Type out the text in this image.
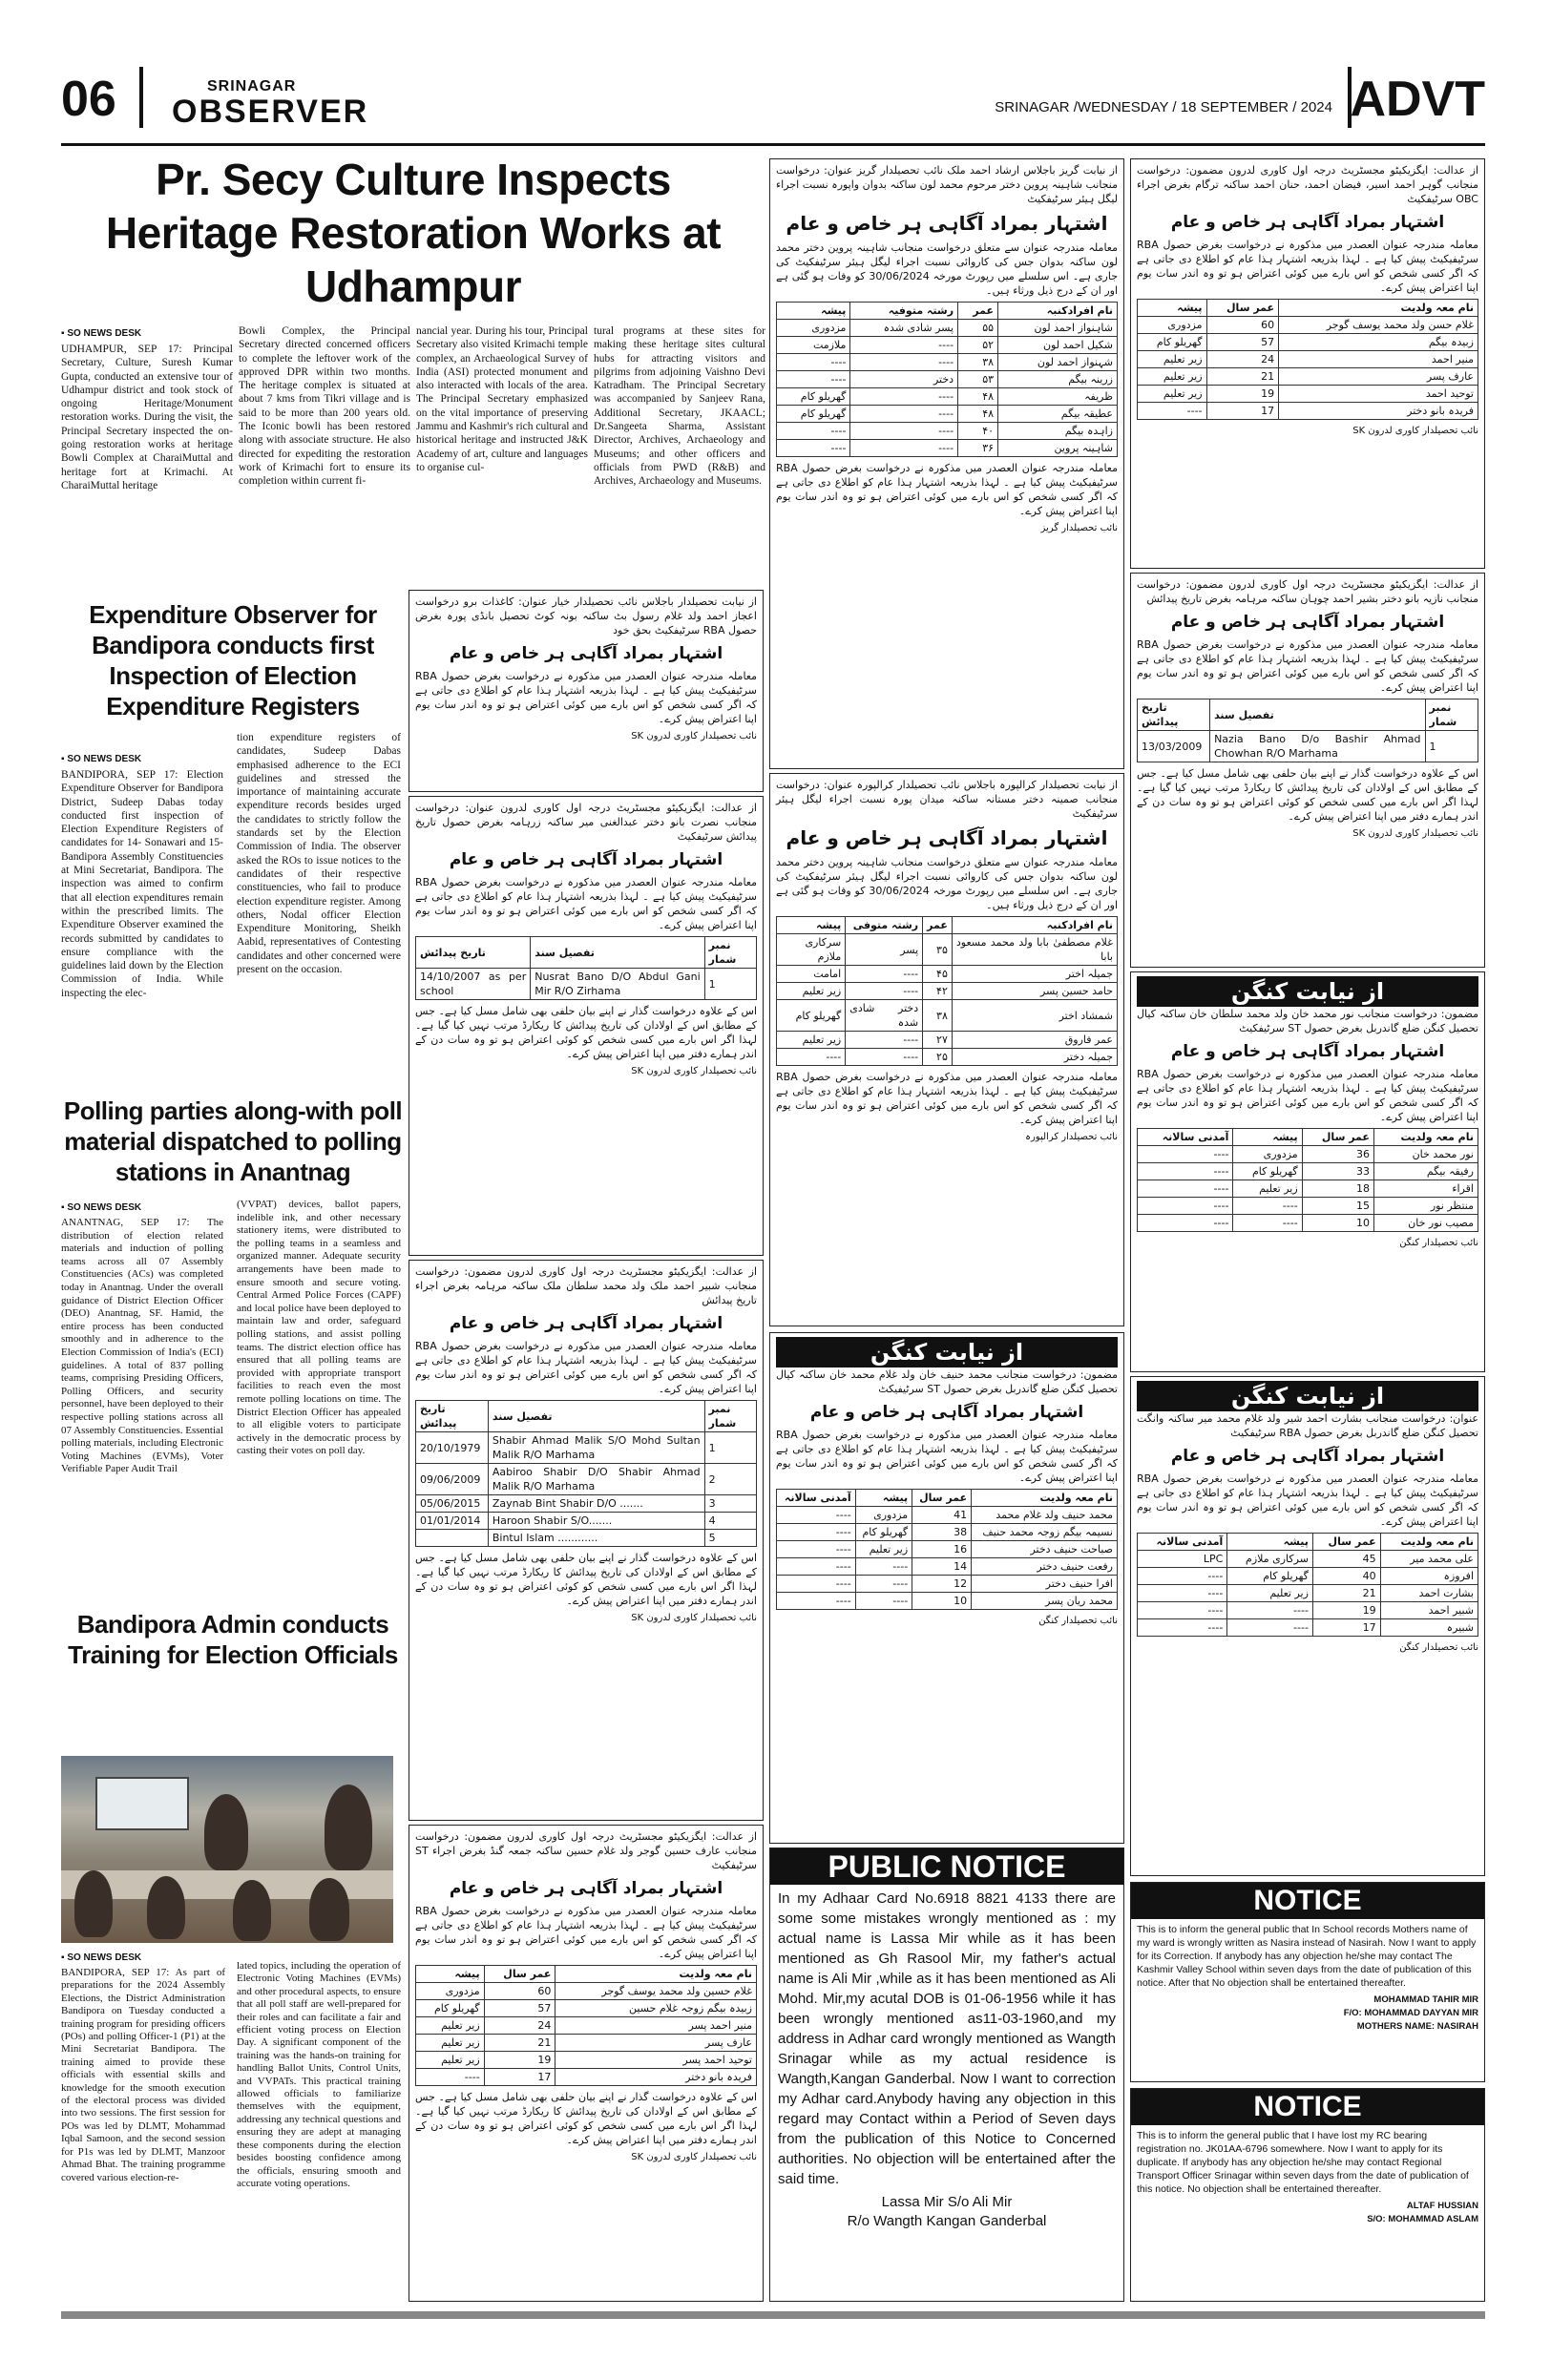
06	SRINAGAR
OBSERVER	SRINAGAR /WEDNESDAY / 18 SEPTEMBER / 2024 ADVT
Pr. Secy Culture Inspects Heritage Restoration Works at Udhampur
▪ SO NEWS DESK

UDHAMPUR, SEP 17: Principal Secretary, Culture, Suresh Kumar Gupta, conducted an extensive tour of Udhampur district and took stock of ongoing Heritage/Monument restoration works. During the visit, the Principal Secretary inspected the on-going restoration works at heritage Bowli Complex at CharaiMuttal and heritage fort at Krimachi. At CharaiMuttal heritage

Bowli Complex, the Principal Secretary directed concerned officers to complete the leftover work of the approved DPR within two months. The heritage complex is situated at about 7 kms from Tikri village and is said to be more than 200 years old. The Iconic bowli has been restored along with associate structure. He also directed for expediting the restoration work of Krimachi fort to ensure its completion within current fi-

nancial year. During his tour, Principal Secretary also visited Krimachi temple complex, an Archaeological Survey of India (ASI) protected monument and also interacted with locals of the area. The Principal Secretary emphasized on the vital importance of preserving Jammu and Kashmir's rich cultural and historical heritage and instructed J&K Academy of art, culture and languages to organise cul-

tural programs at these sites for making these heritage sites cultural hubs for attracting visitors and pilgrims from adjoining Vaishno Devi Katradham. The Principal Secretary was accompanied by Sanjeev Rana, Additional Secretary, JKAACL; Dr.Sangeeta Sharma, Assistant Director, Archives, Archaeology and Museums; and other officers and officials from PWD (R&B) and Archives, Archaeology and Museums.

Expenditure Observer for Bandipora conducts first Inspection of Election Expenditure Registers
▪ SO NEWS DESK

BANDIPORA, SEP 17: Election Expenditure Observer for Bandipora District, Sudeep Dabas today conducted first inspection of Election Expenditure Registers of candidates for 14- Sonawari and 15- Bandipora Assembly Constituencies at Mini Secretariat, Bandipora. The inspection was aimed to confirm that all election expenditures remain within the prescribed limits. The Expenditure Observer examined the records submitted by candidates to ensure compliance with the guidelines laid down by the Election Commission of India. While inspecting the elec-

tion expenditure registers of candidates, Sudeep Dabas emphasised adherence to the ECI guidelines and stressed the importance of maintaining accurate expenditure records besides urged the candidates to strictly follow the standards set by the Election Commission of India. The observer asked the ROs to issue notices to the candidates of their respective constituencies, who fail to produce election expenditure register. Among others, Nodal officer Election Expenditure Monitoring, Sheikh Aabid, representatives of Contesting candidates and other concerned were present on the occasion.

Polling parties along-with poll material dispatched to polling stations in Anantnag
▪ SO NEWS DESK

ANANTNAG, SEP 17: The distribution of election related materials and induction of polling teams across all 07 Assembly Constituencies (ACs) was completed today in Anantnag. Under the overall guidance of District Election Officer (DEO) Anantnag, SF. Hamid, the entire process has been conducted smoothly and in adherence to the Election Commission of India's (ECI) guidelines. A total of 837 polling teams, comprising Presiding Officers, Polling Officers, and security personnel, have been deployed to their respective polling stations across all 07 Assembly Constituencies. Essential polling materials, including Electronic Voting Machines (EVMs), Voter Verifiable Paper Audit Trail

(VVPAT) devices, ballot papers, indelible ink, and other necessary stationery items, were distributed to the polling teams in a seamless and organized manner. Adequate security arrangements have been made to ensure smooth and secure voting. Central Armed Police Forces (CAPF) and local police have been deployed to maintain law and order, safeguard polling stations, and assist polling teams. The district election office has ensured that all polling teams are provided with appropriate transport facilities to reach even the most remote polling locations on time. The District Election Officer has appealed to all eligible voters to participate actively in the democratic process by casting their votes on poll day.

Bandipora Admin conducts Training for Election Officials
▪ SO NEWS DESK

BANDIPORA, SEP 17: As part of preparations for the 2024 Assembly Elections, the District Administration Bandipora on Tuesday conducted a training program for presiding officers (POs) and polling Officer-1 (P1) at the Mini Secretariat Bandipora. The training aimed to provide these officials with essential skills and knowledge for the smooth execution of the electoral process was divided into two sessions. The first session for POs was led by DLMT, Mohammad Iqbal Samoon, and the second session for P1s was led by DLMT, Manzoor Ahmad Bhat. The training programme covered various election-re-

lated topics, including the operation of Electronic Voting Machines (EVMs) and other procedural aspects, to ensure that all poll staff are well-prepared for their roles and can facilitate a fair and efficient voting process on Election Day. A significant component of the training was the hands-on training for handling Ballot Units, Control Units, and VVPATs. This practical training allowed officials to familiarize themselves with the equipment, addressing any technical questions and ensuring they are adept at managing these components during the election besides boosting confidence among the officials, ensuring smooth and accurate voting operations.

از نیابت تحصیلدار باجلاس نائب تحصیلدار خیار عنوان: کاغذات برو درخواست اعجاز احمد ولد غلام رسول بٹ ساکنہ بونہ کوٹ تحصیل بانڈی پورہ بغرض حصول RBA سرٹیفکیٹ بحق خود

اشتہار بمراد آگاہی ہر خاص و عام

معاملہ مندرجہ عنوان العصدر میں مذکورہ نے درخواست بغرض حصول RBA سرٹیفیکیٹ پیش کیا ہے ۔ لہذا بذریعہ اشتہار ہذا عام کو اطلاع دی جاتی ہے کہ اگر کسی شخص کو اس بارے میں کوئی اعتراض ہو تو وہ اندر سات یوم اپنا اعتراض پیش کرے۔

نائب تحصیلدار کاوری لدرون SK

از عدالت: ایگزیکیٹو مجسٹریٹ درجہ اول کاوری لدرون عنوان: درخواست منجانب نصرت بانو دختر عبدالغنی میر ساکنہ زرہامہ بغرض حصول تاریخ پیدائش سرٹیفکیٹ

اشتہار بمراد آگاہی ہر خاص و عام

معاملہ مندرجہ عنوان العصدر میں مذکورہ نے درخواست بغرض حصول RBA سرٹیفیکیٹ پیش کیا ہے ۔ لہذا بذریعہ اشتہار ہذا عام کو اطلاع دی جاتی ہے کہ اگر کسی شخص کو اس بارے میں کوئی اعتراض ہو تو وہ اندر سات یوم اپنا اعتراض پیش کرے۔

تاریخ پیدائش	تفصیل سند	نمبر شمار
14/10/2007 as per school	Nusrat Bano D/O Abdul Gani Mir R/O Zirhama	1

اس کے علاوہ درخواست گذار نے اپنے بیان حلفی بھی شامل مسل کیا ہے۔ جس کے مطابق اس کے اولادان کی تاریخ پیدائش کا ریکارڈ مرتب نہیں کیا گیا ہے۔ لہذا اگر اس بارے میں کسی شخص کو کوئی اعتراض ہو تو وہ سات دن کے اندر ہمارے دفتر میں اپنا اعتراض پیش کرے۔

نائب تحصیلدار کاوری لدرون SK

از عدالت: ایگزیکیٹو مجسٹریٹ درجہ اول کاوری لدرون مضمون: درخواست منجانب شبیر احمد ملک ولد محمد سلطان ملک ساکنہ مرہامہ بغرض اجراء تاریخ پیدائش

اشتہار بمراد آگاہی ہر خاص و عام

معاملہ مندرجہ عنوان العصدر میں مذکورہ نے درخواست بغرض حصول RBA سرٹیفیکیٹ پیش کیا ہے ۔ لہذا بذریعہ اشتہار ہذا عام کو اطلاع دی جاتی ہے کہ اگر کسی شخص کو اس بارے میں کوئی اعتراض ہو تو وہ اندر سات یوم اپنا اعتراض پیش کرے۔

تاریخ پیدائش	تفصیل سند	نمبر شمار
20/10/1979	Shabir Ahmad Malik S/O Mohd Sultan Malik R/O Marhama	1
09/06/2009	Aabiroo Shabir D/O Shabir Ahmad Malik R/O Marhama	2
05/06/2015	Zaynab Bint Shabir D/O .......	3
01/01/2014	Haroon Shabir S/O.......	4
	Bintul Islam ............	5

اس کے علاوہ درخواست گذار نے اپنے بیان حلفی بھی شامل مسل کیا ہے۔ جس کے مطابق اس کے اولادان کی تاریخ پیدائش کا ریکارڈ مرتب نہیں کیا گیا ہے۔ لہذا اگر اس بارے میں کسی شخص کو کوئی اعتراض ہو تو وہ سات دن کے اندر ہمارے دفتر میں اپنا اعتراض پیش کرے۔

نائب تحصیلدار کاوری لدرون SK

از عدالت: ایگزیکیٹو مجسٹریٹ درجہ اول کاوری لدرون مضمون: درخواست منجانب عارف حسین گوجر ولد غلام حسین ساکنہ جمعہ گنڈ بغرض اجراء ST سرٹیفکیٹ

اشتہار بمراد آگاہی ہر خاص و عام

معاملہ مندرجہ عنوان العصدر میں مذکورہ نے درخواست بغرض حصول RBA سرٹیفیکیٹ پیش کیا ہے ۔ لہذا بذریعہ اشتہار ہذا عام کو اطلاع دی جاتی ہے کہ اگر کسی شخص کو اس بارے میں کوئی اعتراض ہو تو وہ اندر سات یوم اپنا اعتراض پیش کرے۔

نام معہ ولدیت	عمر سال	پیشہ
غلام حسین ولد محمد یوسف گوجر	60	مزدوری
زبیدہ بیگم زوجہ غلام حسین	57	گھریلو کام
منیر احمد پسر	24	زیر تعلیم
عارف پسر	21	زیر تعلیم
توحید احمد پسر	19	زیر تعلیم
فریدہ بانو دختر	17	----

اس کے علاوہ درخواست گذار نے اپنے بیان حلفی بھی شامل مسل کیا ہے۔ جس کے مطابق اس کے اولادان کی تاریخ پیدائش کا ریکارڈ مرتب نہیں کیا گیا ہے۔ لہذا اگر اس بارے میں کسی شخص کو کوئی اعتراض ہو تو وہ سات دن کے اندر ہمارے دفتر میں اپنا اعتراض پیش کرے۔

نائب تحصیلدار کاوری لدرون SK

از نیابت گریز باجلاس ارشاد احمد ملک نائب تحصیلدار گریز عنوان: درخواست منجانب شاہینہ پروین دختر مرحوم محمد لون ساکنہ بدوان واپورہ نسبت اجراء لیگل ہیئر سرٹیفکیٹ

اشتہار بمراد آگاہی ہر خاص و عام

معاملہ مندرجہ عنوان سے متعلق درخواست منجانب شاہینہ پروین دختر محمد لون ساکنہ بدوان جس کی کاروائی نسبت اجراء لیگل ہیئر سرٹیفکیٹ کی جاری ہے۔ اس سلسلے میں رپورٹ مورخہ 30/06/2024 کو وفات ہو گئی ہے اور ان کے درج ذیل ورثاء ہیں۔

نام افرادکنبہ	عمر	رشتہ متوفیہ	پیشہ
شاہنواز احمد لون	۵۵	پسر شادی شدہ	مزدوری
شکیل احمد لون	۵۲	----	ملازمت
شہنواز احمد لون	۳۸	----	----
زرینہ بیگم	۵۳	دختر	----
ظریفہ	۴۸	----	گھریلو کام
عطیقہ بیگم	۴۸	----	گھریلو کام
زاہدہ بیگم	۴۰	----	----
شاہینہ پروین	۳۶	----	----

معاملہ مندرجہ عنوان العصدر میں مذکورہ نے درخواست بغرض حصول RBA سرٹیفیکیٹ پیش کیا ہے ۔ لہذا بذریعہ اشتہار ہذا عام کو اطلاع دی جاتی ہے کہ اگر کسی شخص کو اس بارے میں کوئی اعتراض ہو تو وہ اندر سات یوم اپنا اعتراض پیش کرے۔

نائب تحصیلدار گریز

از نیابت تحصیلدار کرالپورہ باجلاس نائب تحصیلدار کرالپورہ عنوان: درخواست منجانب صمینہ دختر مستانہ ساکنہ میدان پورہ نسبت اجراء لیگل ہیئر سرٹیفکیٹ

اشتہار بمراد آگاہی ہر خاص و عام

معاملہ مندرجہ عنوان سے متعلق درخواست منجانب شاہینہ پروین دختر محمد لون ساکنہ بدوان جس کی کاروائی نسبت اجراء لیگل ہیئر سرٹیفکیٹ کی جاری ہے۔ اس سلسلے میں رپورٹ مورخہ 30/06/2024 کو وفات ہو گئی ہے اور ان کے درج ذیل ورثاء ہیں۔

نام افرادکنبہ	عمر	رشتہ متوفی	پیشہ
غلام مصطفیٰ بابا ولد محمد مسعود بابا	۳۵	پسر	سرکاری ملازم
جمیلہ اختر	۴۵	----	امامت
حامد حسین پسر	۴۲	----	زیر تعلیم
شمشاد اختر	۳۸	دختر شادی شدہ	گھریلو کام
عمر فاروق	۲۷	----	زیر تعلیم
جمیلہ دختر	۲۵	----	----

معاملہ مندرجہ عنوان العصدر میں مذکورہ نے درخواست بغرض حصول RBA سرٹیفیکیٹ پیش کیا ہے ۔ لہذا بذریعہ اشتہار ہذا عام کو اطلاع دی جاتی ہے کہ اگر کسی شخص کو اس بارے میں کوئی اعتراض ہو تو وہ اندر سات یوم اپنا اعتراض پیش کرے۔

نائب تحصیلدار کرالپورہ
از نیابت کنگن

مضمون: درخواست منجانب محمد حنیف خان ولد غلام محمد خان ساکنہ کیال تحصیل کنگن ضلع گاندربل بغرض حصول ST سرٹیفیکٹ

اشتہار بمراد آگاہی ہر خاص و عام

معاملہ مندرجہ عنوان العصدر میں مذکورہ نے درخواست بغرض حصول RBA سرٹیفیکیٹ پیش کیا ہے ۔ لہذا بذریعہ اشتہار ہذا عام کو اطلاع دی جاتی ہے کہ اگر کسی شخص کو اس بارے میں کوئی اعتراض ہو تو وہ اندر سات یوم اپنا اعتراض پیش کرے۔

نام معہ ولدیت	عمر سال	پیشہ	آمدنی سالانہ
محمد حنیف ولد غلام محمد	41	مزدوری	----
نسیمہ بیگم زوجہ محمد حنیف	38	گھریلو کام	----
صباحت حنیف دختر	16	زیر تعلیم	----
رفعت حنیف دختر	14	----	----
افرا حنیف دختر	12	----	----
محمد ریان پسر	10	----	----
نائب تحصیلدار کنگن
PUBLIC NOTICE
In my Adhaar Card No.6918 8821 4133 there are some some mistakes wrongly mentioned as : my actual name is Lassa Mir while as it has been mentioned as Gh Rasool Mir, my father's actual name is Ali Mir ,while as it has been mentioned as Ali Mohd. Mir,my acutal DOB is 01-06-1956 while it has been wrongly mentioned as11-03-1960,and my address in Adhar card wrongly mentioned as Wangth Srinagar while as my actual residence is Wangth,Kangan Ganderbal. Now I want to correction my Adhar card.Anybody having any objection in this regard may Contact within a Period of Seven days from the publication of this Notice to Concerned authorities. No objection will be entertained after the said time.
Lassa Mir S/o Ali Mir
R/o Wangth Kangan Ganderbal

از عدالت: ایگزیکیٹو مجسٹریٹ درجہ اول کاوری لدرون مضمون: درخواست منجانب گوہر احمد اسیر، فیضان احمد، حنان احمد ساکنہ ترگام بغرض اجراء OBC سرٹیفکیٹ

اشتہار بمراد آگاہی ہر خاص و عام

معاملہ مندرجہ عنوان العصدر میں مذکورہ نے درخواست بغرض حصول RBA سرٹیفیکیٹ پیش کیا ہے ۔ لہذا بذریعہ اشتہار ہذا عام کو اطلاع دی جاتی ہے کہ اگر کسی شخص کو اس بارے میں کوئی اعتراض ہو تو وہ اندر سات یوم اپنا اعتراض پیش کرے۔

نام معہ ولدیت	عمر سال	پیشہ
غلام حسن ولد محمد یوسف گوجر	60	مزدوری
زبیدہ بیگم	57	گھریلو کام
منیر احمد	24	زیر تعلیم
عارف پسر	21	زیر تعلیم
توحید احمد	19	زیر تعلیم
فریدہ بانو دختر	17	----
نائب تحصیلدار کاوری لدرون SK

از عدالت: ایگزیکیٹو مجسٹریٹ درجہ اول کاوری لدرون مضمون: درخواست منجانب نازیہ بانو دختر بشیر احمد چوہان ساکنہ مرہامہ بغرض تاریخ پیدائش

اشتہار بمراد آگاہی ہر خاص و عام

معاملہ مندرجہ عنوان العصدر میں مذکورہ نے درخواست بغرض حصول RBA سرٹیفیکیٹ پیش کیا ہے ۔ لہذا بذریعہ اشتہار ہذا عام کو اطلاع دی جاتی ہے کہ اگر کسی شخص کو اس بارے میں کوئی اعتراض ہو تو وہ اندر سات یوم اپنا اعتراض پیش کرے۔

تاریخ پیدائش	تفصیل سند	نمبر شمار
13/03/2009	Nazia Bano D/o Bashir Ahmad Chowhan R/O Marhama	1

اس کے علاوہ درخواست گذار نے اپنے بیان حلفی بھی شامل مسل کیا ہے۔ جس کے مطابق اس کے اولادان کی تاریخ پیدائش کا ریکارڈ مرتب نہیں کیا گیا ہے۔ لہذا اگر اس بارے میں کسی شخص کو کوئی اعتراض ہو تو وہ سات دن کے اندر ہمارے دفتر میں اپنا اعتراض پیش کرے۔

نائب تحصیلدار کاوری لدرون SK
از نیابت کنگن

مضمون: درخواست منجانب نور محمد خان ولد محمد سلطان خان ساکنہ کیال تحصیل کنگن ضلع گاندربل بغرض حصول ST سرٹیفکیٹ

اشتہار بمراد آگاہی ہر خاص و عام

معاملہ مندرجہ عنوان العصدر میں مذکورہ نے درخواست بغرض حصول RBA سرٹیفیکیٹ پیش کیا ہے ۔ لہذا بذریعہ اشتہار ہذا عام کو اطلاع دی جاتی ہے کہ اگر کسی شخص کو اس بارے میں کوئی اعتراض ہو تو وہ اندر سات یوم اپنا اعتراض پیش کرے۔

نام معہ ولدیت	عمر سال	پیشہ	آمدنی سالانہ
نور محمد خان	36	مزدوری	----
رفیقہ بیگم	33	گھریلو کام	----
اقراء	18	زیر تعلیم	----
منتظر نور	15	----	----
مصیب نور خان	10	----	----
نائب تحصیلدار کنگن
از نیابت کنگن

عنوان: درخواست منجانب بشارت احمد شیر ولد غلام محمد میر ساکنہ وانگت تحصیل کنگن ضلع گاندربل بغرض حصول RBA سرٹیفکیٹ

اشتہار بمراد آگاہی ہر خاص و عام

معاملہ مندرجہ عنوان العصدر میں مذکورہ نے درخواست بغرض حصول RBA سرٹیفیکیٹ پیش کیا ہے ۔ لہذا بذریعہ اشتہار ہذا عام کو اطلاع دی جاتی ہے کہ اگر کسی شخص کو اس بارے میں کوئی اعتراض ہو تو وہ اندر سات یوم اپنا اعتراض پیش کرے۔

نام معہ ولدیت	عمر سال	پیشہ	آمدنی سالانہ
علی محمد میر	45	سرکاری ملازم	LPC
افروزہ	40	گھریلو کام	----
بشارت احمد	21	زیر تعلیم	----
شبیر احمد	19	----	----
شبیرہ	17	----	----
نائب تحصیلدار کنگن
NOTICE
This is to inform the general public that In School records Mothers name of my ward is wrongly written as Nasira instead of Nasirah. Now I want to apply for its Correction. If anybody has any objection he/she may contact The Kashmir Valley School within seven days from the date of publication of this notice. After that No objection shall be entertained thereafter.
MOHAMMAD TAHIR MIR
F/O: MOHAMMAD DAYYAN MIR
MOTHERS NAME: NASIRAH
NOTICE
This is to inform the general public that I have lost my RC bearing registration no. JK01AA-6796 somewhere. Now I want to apply for its duplicate. If anybody has any objection he/she may contact Regional Transport Officer Srinagar within seven days from the date of publication of this notice. No objection shall be entertained thereafter.
ALTAF HUSSIAN
S/O: MOHAMMAD ASLAM
